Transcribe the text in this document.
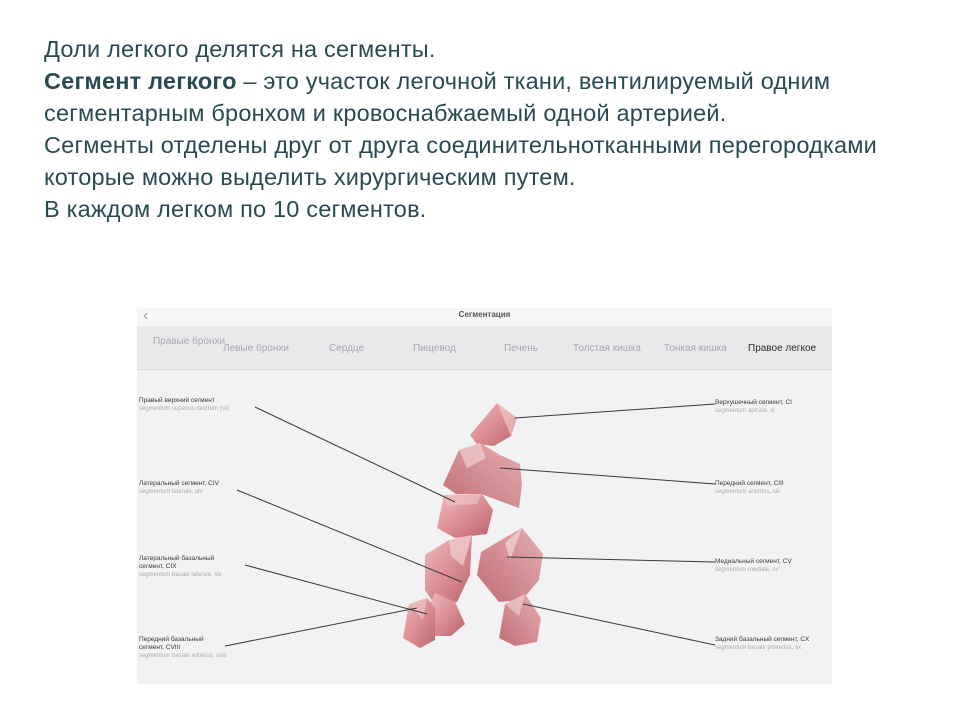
Доли легкого делятся на сегменты.

Сегмент легкого – это участок легочной ткани, вентилируемый одним сегментарным бронхом и кровоснабжаемый одной артерией.

Сегменты отделены друг от друга соединительнотканными перегородками которые можно выделить хирургическим путем.

В каждом легком по 10 сегментов.

‹	Сегментация
Правые бронхи
Левые бронхи	Сердце	Пищевод	Печень	Толстая кишка Тонкая кишка Правое легкое
Правый верхний сегмент
segmentum superius dextrum (sii)
Латеральный сегмент, CIV
segmentum laterale, siv
Латеральный базальный сегмент, CIX
segmentum basale laterale, six
Передний базальный сегмент, CVIII
segmentum basale anterius, sviii
Верхушечный сегмент, CI
segmentum apicale, si
Передний сегмент, CIII
segmentum anterius, siii
Медиальный сегмент, CV
segmentum mediale, sv
Задний базальный сегмент, CX
segmentum basale posterius, sx
